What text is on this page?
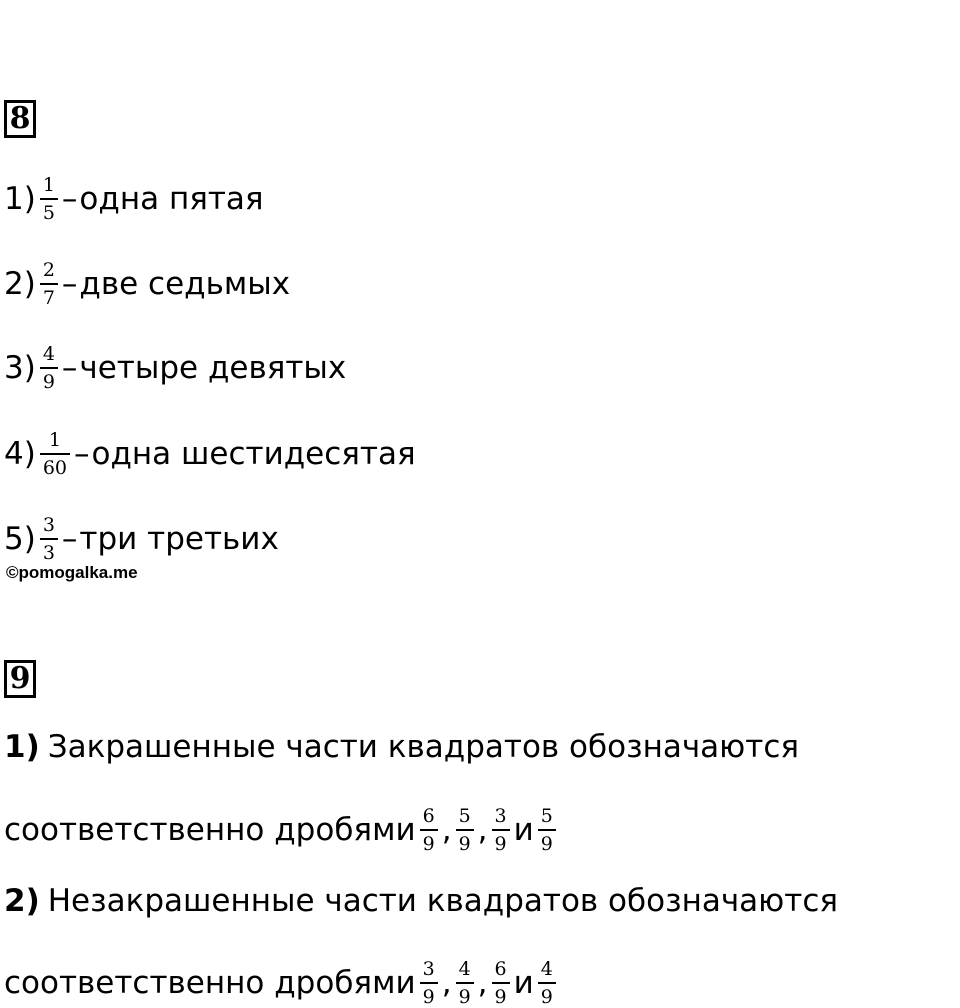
8
$1) \frac{1}{5}$ – одна пятая
$2) \frac{2}{7}$ – две седьмых
$3) \frac{4}{9}$ – четыре девятых
$4) \frac{1}{60}$ – одна шестидесятая
$5) \frac{3}{3}$ – три третьих
©pomogalka.me
9
1) Закрашенные части квадратов обозначаются
соответственно дробями $\frac{6}{9}$ , $\frac{5}{9}$ , $\frac{3}{9}$ и $\frac{5}{9}$
2) Незакрашенные части квадратов обозначаются
соответственно дробями $\frac{3}{9}$ , $\frac{4}{9}$ , $\frac{6}{9}$ и $\frac{4}{9}$
